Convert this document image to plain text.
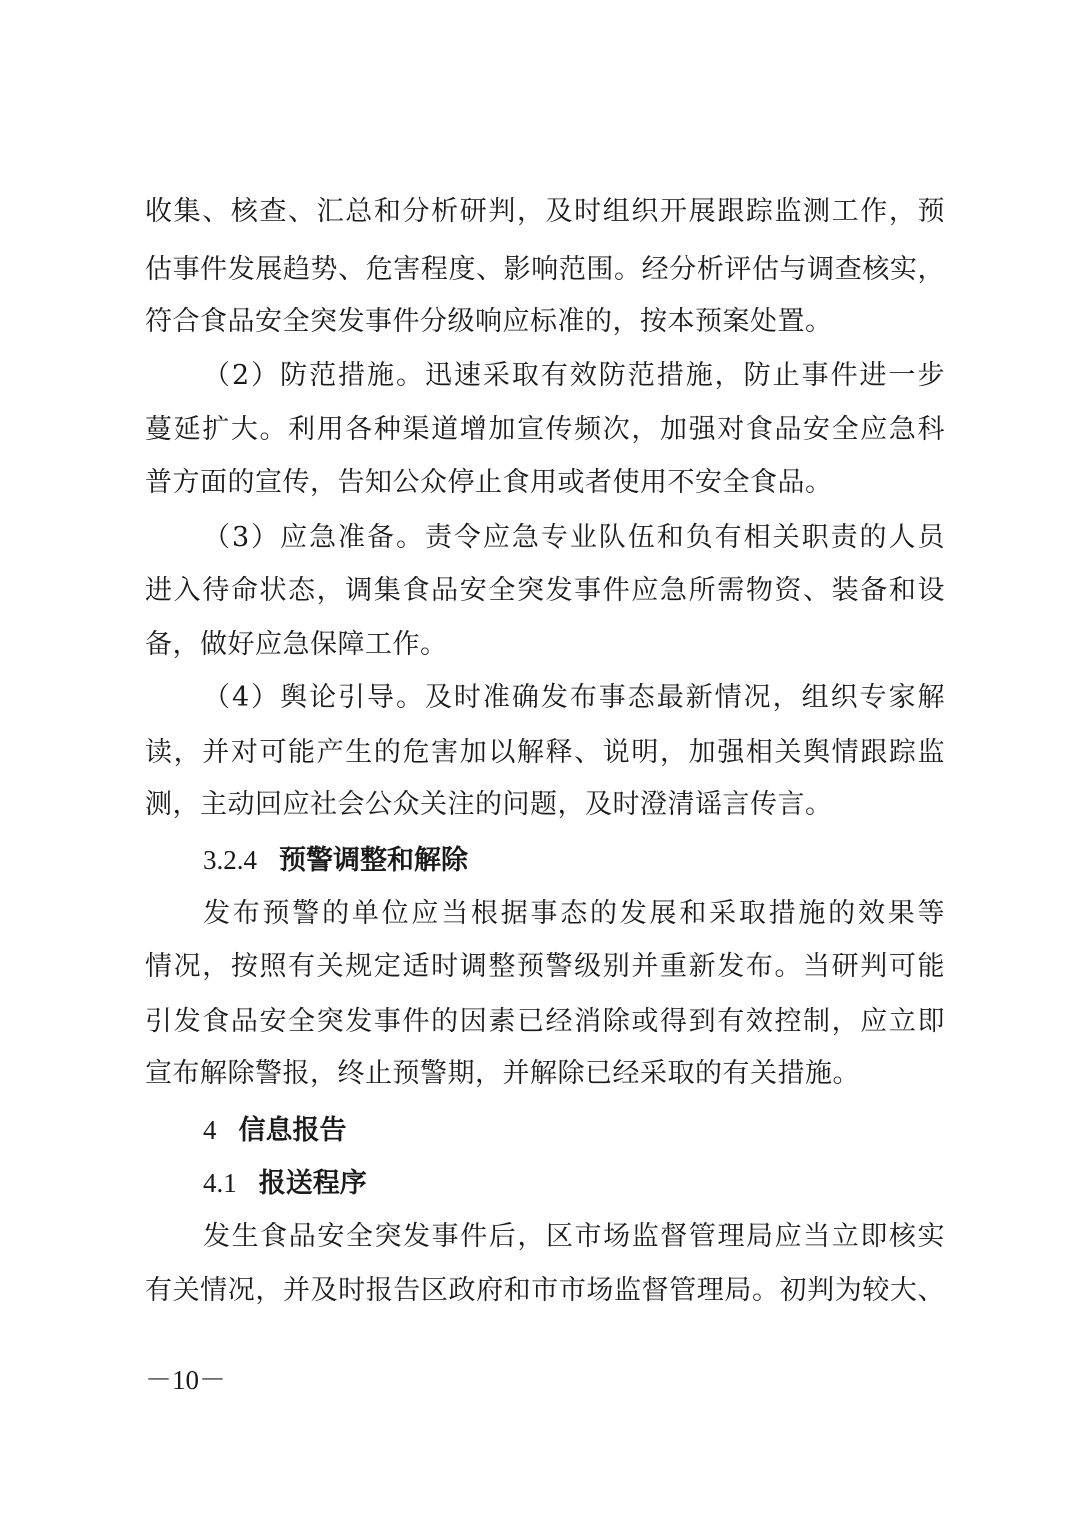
收集、核查、汇总和分析研判，及时组织开展跟踪监测工作，预
估事件发展趋势、危害程度、影响范围。经分析评估与调查核实，
符合食品安全突发事件分级响应标准的，按本预案处置。
（2）防范措施。迅速采取有效防范措施，防止事件进一步
蔓延扩大。利用各种渠道增加宣传频次，加强对食品安全应急科
普方面的宣传，告知公众停止食用或者使用不安全食品。
（3）应急准备。责令应急专业队伍和负有相关职责的人员
进入待命状态，调集食品安全突发事件应急所需物资、装备和设
备，做好应急保障工作。
（4）舆论引导。及时准确发布事态最新情况，组织专家解
读，并对可能产生的危害加以解释、说明，加强相关舆情跟踪监
测，主动回应社会公众关注的问题，及时澄清谣言传言。
3.2.4 预警调整和解除
发布预警的单位应当根据事态的发展和采取措施的效果等
情况，按照有关规定适时调整预警级别并重新发布。当研判可能
引发食品安全突发事件的因素已经消除或得到有效控制，应立即
宣布解除警报，终止预警期，并解除已经采取的有关措施。
4 信息报告
4.1 报送程序
发生食品安全突发事件后，区市场监督管理局应当立即核实
有关情况，并及时报告区政府和市市场监督管理局。初判为较大、
－10－
